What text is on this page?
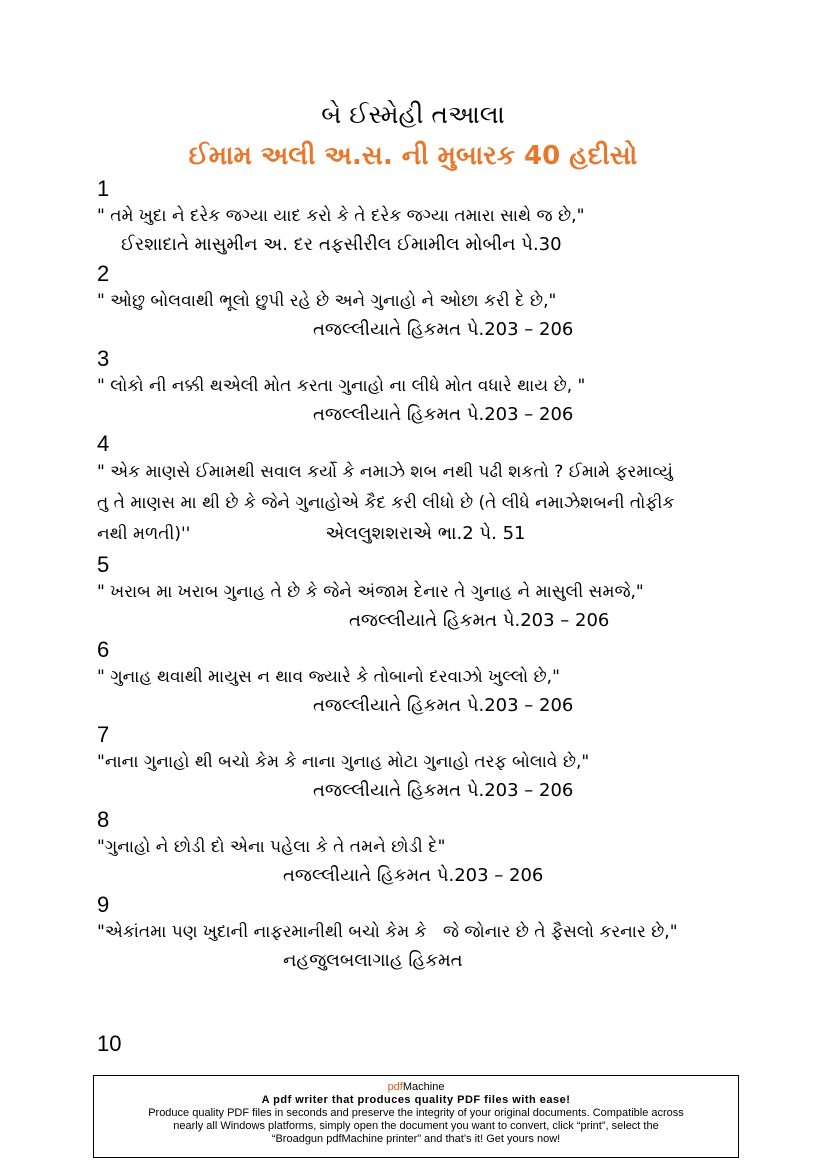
બે ઈસ્મેહી તઆલા
ઈમામ અલી અ.સ. ની મુબારક 40 હદીસો
1
" તમે ખુદા ને દરેક જગ્યા યાદ કરો કે તે દરેક જગ્યા તમારા સાથે જ છે,"
ઈરશાદાતે માસુમીન અ. દર તફસીરીલ ઈમામીલ મોબીન પે.30
2
" ઓછુ બોલવાથી ભૂલો છુપી રહે છે અને ગુનાહો ને ઓછા કરી દે છે,"
તજલ્લીયાતે હિકમત પે.203 – 206
3
" લોકો ની નક્કી થએલી મોત કરતા ગુનાહો ના લીધે મોત વધારે થાય છે, "
તજલ્લીયાતે હિકમત પે.203 – 206
4
" એક માણસે ઈમામથી સવાલ કર્યો કે નમાઝે શબ નથી પઢી શકતો ? ઈમામે ફરમાવ્યું
તુ તે માણસ મા થી છે કે જેને ગુનાહોએ કૈદ કરી લીધો છે (તે લીધે નમાઝેશબની તોફીક
નથી મળતી)''	એલલુશશરાએ ભા.2 પે. 51
5
" ખરાબ મા ખરાબ ગુનાહ તે છે કે જેને અંજામ દેનાર તે ગુનાહ ને માસુલી સમજે,"
તજલ્લીયાતે હિકમત પે.203 – 206
6
" ગુનાહ થવાથી માયુસ ન થાવ જ્યારે કે તોબાનો દરવાઝો ખુલ્લો છે,"
તજલ્લીયાતે હિકમત પે.203 – 206
7
"નાના ગુનાહો થી બચો કેમ કે નાના ગુનાહ મોટા ગુનાહો તરફ બોલાવે છે,"
તજલ્લીયાતે હિકમત પે.203 – 206
8
"ગુનાહો ને છોડી દો એના પહેલા કે તે તમને છોડી દે"
તજલ્લીયાતે હિકમત પે.203 – 206
9
"એકાંતમા પણ ખુદાની નાફરમાનીથી બચો કેમ કે   જે જોનાર છે તે ફૈસલો કરનાર છે,"
નહજુલબલાગાહ હિકમત
10
pdfMachine
A pdf writer that produces quality PDF files with ease!
Produce quality PDF files in seconds and preserve the integrity of your original documents. Compatible across
nearly all Windows platforms, simply open the document you want to convert, click “print”, select the
“Broadgun pdfMachine printer” and that’s it! Get yours now!
